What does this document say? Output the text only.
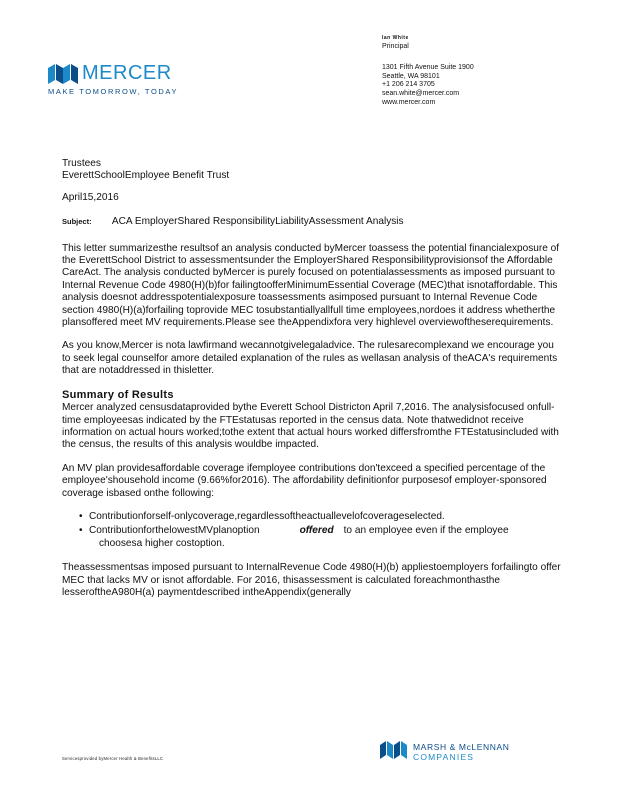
MERCER
MAKE TOMORROW, TODAY
Ian White
Principal
1301 Fifth Avenue Suite 1900
Seattle, WA 98101
+1 206 214 3705
sean.white@mercer.com
www.mercer.com
Trustees
EverettSchoolEmployee Benefit Trust
April15,2016
Subject: ACA EmployerShared ResponsibilityLiabilityAssessment Analysis

This letter summarizesthe resultsof an analysis conducted byMercer toassess the potential financialexposure of the EverettSchool District to assessmentsunder the EmployerShared Responsibilityprovisionsof the Affordable CareAct. The analysis conducted byMercer is purely focused on potentialassessments as imposed pursuant to Internal Revenue Code 4980(H)(b)for failingtoofferMinimumEssential Coverage (MEC)that isnotaffordable. This analysis doesnot addresspotentialexposure toassessments asimposed pursuant to Internal Revenue Code section 4980(H)(a)forfailing toprovide MEC tosubstantiallyallfull time employees,nordoes it address whetherthe plansoffered meet MV requirements.Please see theAppendixfora very highlevel overviewoftheserequirements.

As you know,Mercer is nota lawfirmand wecannotgivelegaladvice. The rulesarecomplexand we encourage you to seek legal counselfor amore detailed explanation of the rules as wellasan analysis of theACA's requirements that are notaddressed in thisletter.

Summary of Results

Mercer analyzed censusdataprovided bythe Everett School Districton April 7,2016. The analysisfocused onfull-time employeesas indicated by the FTEstatusas reported in the census data. Note thatwedidnot receive information on actual hours worked;tothe extent that actual hours worked differsfromthe FTEstatusincluded with the census, the results of this analysis wouldbe impacted.

An MV plan providesaffordable coverage ifemployee contributions don'texceed a specified percentage of the employee'shousehold income (9.66%for2016). The affordability definitionfor purposesof employer-sponsored coverage isbased onthe following:

• Contributionforself-onlycoverage,regardlessoftheactuallevelofcoverageselected.
• ContributionforthelowestMVplanoption	offered to an employee even if the employee
choosesa higher costoption.

Theassessmentsas imposed pursuant to InternalRevenue Code 4980(H)(b) appliestoemployers forfailingto offer MEC that lacks MV or isnot affordable. For 2016, thisassessment is calculated foreachmonthasthe lesseroftheA980H(a) paymentdescribed intheAppendix(generally

Servicesprovided byMercer Health & BenefitsLLC
MARSH & McLENNAN
COMPANIES
